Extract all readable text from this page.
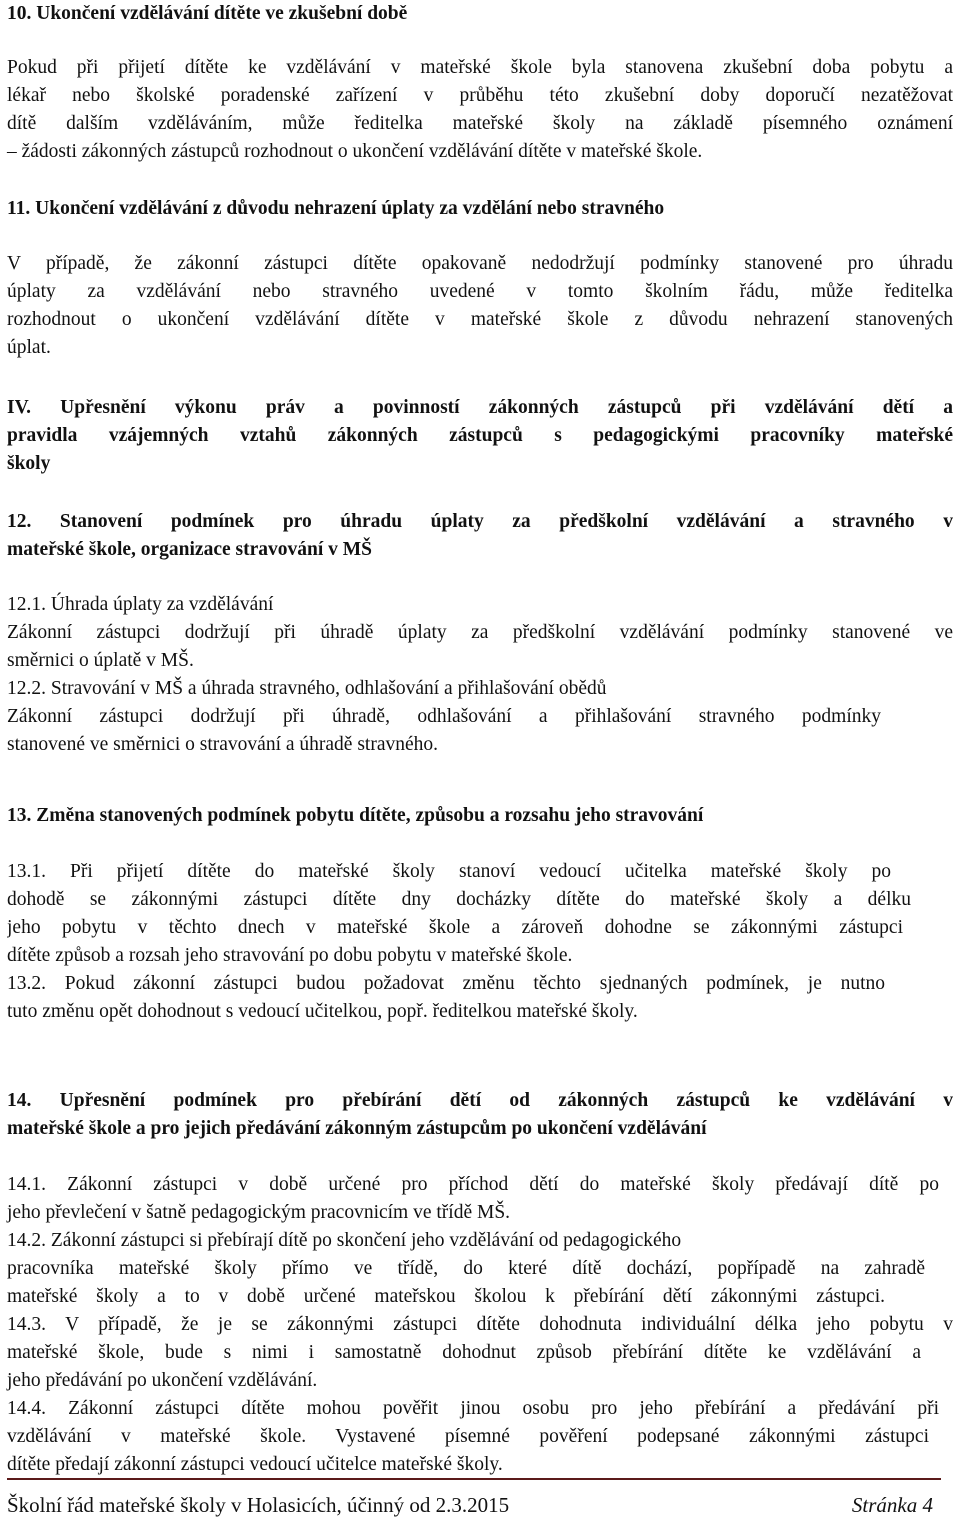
10. Ukončení vzdělávání dítěte ve zkušební době
Pokud při přijetí dítěte ke vzdělávání v mateřské škole byla stanovena zkušební doba pobytu a
lékař nebo školské poradenské zařízení v průběhu této zkušební doby doporučí nezatěžovat
dítě dalším vzděláváním, může ředitelka mateřské školy na základě písemného oznámení
– žádosti zákonných zástupců rozhodnout o ukončení vzdělávání dítěte v mateřské škole.
11. Ukončení vzdělávání z důvodu nehrazení úplaty za vzdělání nebo stravného
V případě, že zákonní zástupci dítěte opakovaně nedodržují podmínky stanovené pro úhradu
úplaty za vzdělávání nebo stravného uvedené v tomto školním řádu, může ředitelka
rozhodnout o ukončení vzdělávání dítěte v mateřské škole z důvodu nehrazení stanovených
úplat.
IV. Upřesnění výkonu práv a povinností zákonných zástupců při vzdělávání dětí a
pravidla vzájemných vztahů zákonných zástupců s pedagogickými pracovníky mateřské
školy
12. Stanovení podmínek pro úhradu úplaty za předškolní vzdělávání a stravného v
mateřské škole, organizace stravování v MŠ
12.1. Úhrada úplaty za vzdělávání
Zákonní zástupci dodržují při úhradě úplaty za předškolní vzdělávání podmínky stanovené ve
směrnici o úplatě v MŠ.
12.2. Stravování v MŠ a úhrada stravného, odhlašování a přihlašování obědů
Zákonní zástupci dodržují při úhradě, odhlašování a přihlašování stravného podmínky
stanovené ve směrnici o stravování a úhradě stravného.
13. Změna stanovených podmínek pobytu dítěte, způsobu a rozsahu jeho stravování
13.1. Při přijetí dítěte do mateřské školy stanoví vedoucí učitelka mateřské školy po
dohodě se zákonnými zástupci dítěte dny docházky dítěte do mateřské školy a délku
jeho pobytu v těchto dnech v mateřské škole a zároveň dohodne se zákonnými zástupci
dítěte způsob a rozsah jeho stravování po dobu pobytu v mateřské škole.
13.2. Pokud zákonní zástupci budou požadovat změnu těchto sjednaných podmínek, je nutno
tuto změnu opět dohodnout s vedoucí učitelkou, popř. ředitelkou mateřské školy.
14. Upřesnění podmínek pro přebírání dětí od zákonných zástupců ke vzdělávání v
mateřské škole a pro jejich předávání zákonným zástupcům po ukončení vzdělávání
14.1. Zákonní zástupci v době určené pro příchod dětí do mateřské školy předávají dítě po
jeho převlečení v šatně pedagogickým pracovnicím ve třídě MŠ.
14.2. Zákonní zástupci si přebírají dítě po skončení jeho vzdělávání od pedagogického
pracovníka mateřské školy přímo ve třídě, do které dítě dochází, popřípadě na zahradě
mateřské školy a to v době určené mateřskou školou k přebírání dětí zákonnými zástupci.
14.3. V případě, že je se zákonnými zástupci dítěte dohodnuta individuální délka jeho pobytu v
mateřské škole, bude s nimi i samostatně dohodnut způsob přebírání dítěte ke vzdělávání a
jeho předávání po ukončení vzdělávání.
14.4. Zákonní zástupci dítěte mohou pověřit jinou osobu pro jeho přebírání a předávání při
vzdělávání v mateřské škole. Vystavené písemné pověření podepsané zákonnými zástupci
dítěte předají zákonní zástupci vedoucí učitelce mateřské školy.
Školní řád mateřské školy v Holasicích, účinný od 2.3.2015	Stránka 4
